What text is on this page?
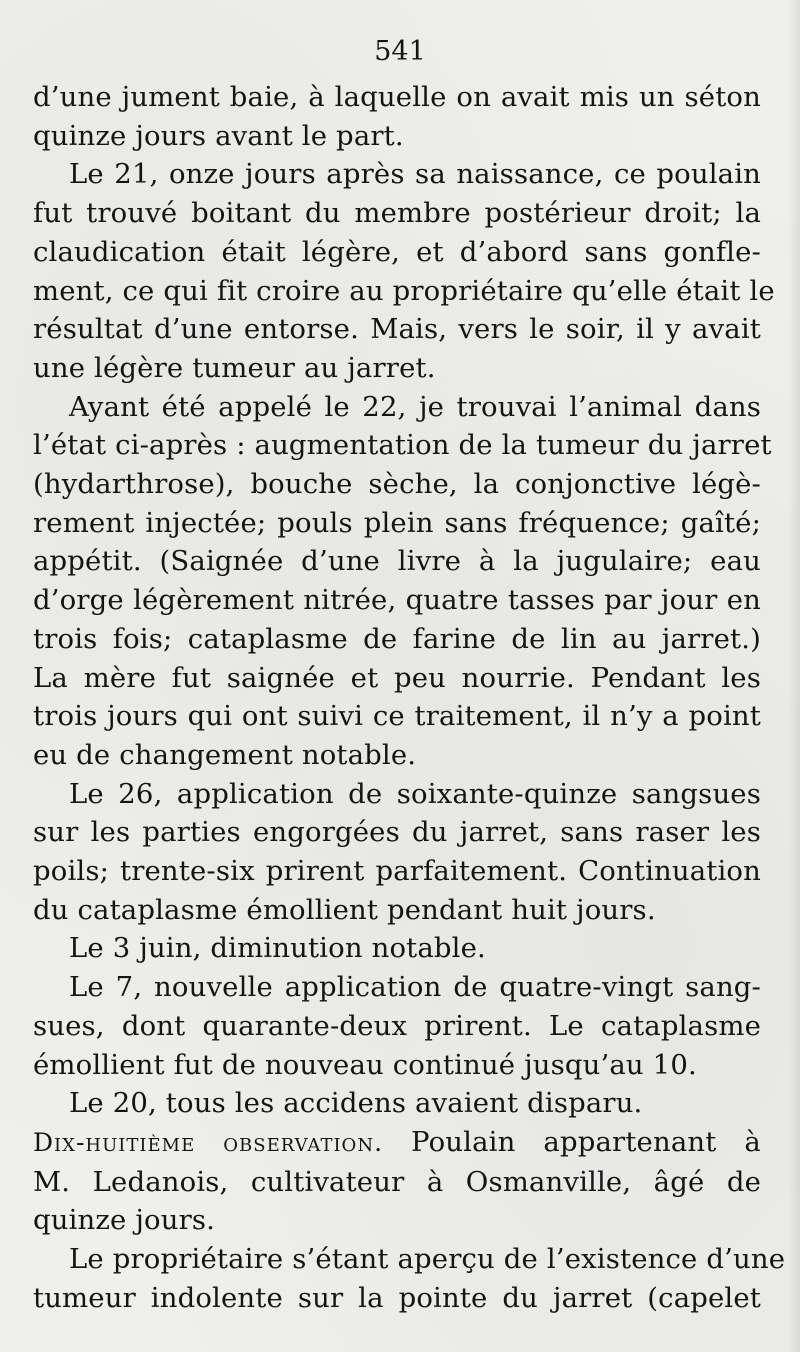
541
d’une jument baie, à laquelle on avait mis un séton
quinze jours avant le part.
Le 21, onze jours après sa naissance, ce poulain
fut trouvé boitant du membre postérieur droit; la
claudication était légère, et d’abord sans gonfle-
ment, ce qui fit croire au propriétaire qu’elle était le
résultat d’une entorse. Mais, vers le soir, il y avait
une légère tumeur au jarret.
Ayant été appelé le 22, je trouvai l’animal dans
l’état ci-après : augmentation de la tumeur du jarret
(hydarthrose), bouche sèche, la conjonctive légè-
rement injectée; pouls plein sans fréquence; gaîté;
appétit. (Saignée d’une livre à la jugulaire; eau
d’orge légèrement nitrée, quatre tasses par jour en
trois fois; cataplasme de farine de lin au jarret.)
La mère fut saignée et peu nourrie. Pendant les
trois jours qui ont suivi ce traitement, il n’y a point
eu de changement notable.
Le 26, application de soixante-quinze sangsues
sur les parties engorgées du jarret, sans raser les
poils; trente-six prirent parfaitement. Continuation
du cataplasme émollient pendant huit jours.
Le 3 juin, diminution notable.
Le 7, nouvelle application de quatre-vingt sang-
sues, dont quarante-deux prirent. Le cataplasme
émollient fut de nouveau continué jusqu’au 10.
Le 20, tous les accidens avaient disparu.
Dix-huitième observation. Poulain appartenant à
M. Ledanois, cultivateur à Osmanville, âgé de
quinze jours.
Le propriétaire s’étant aperçu de l’existence d’une
tumeur indolente sur la pointe du jarret (capelet
